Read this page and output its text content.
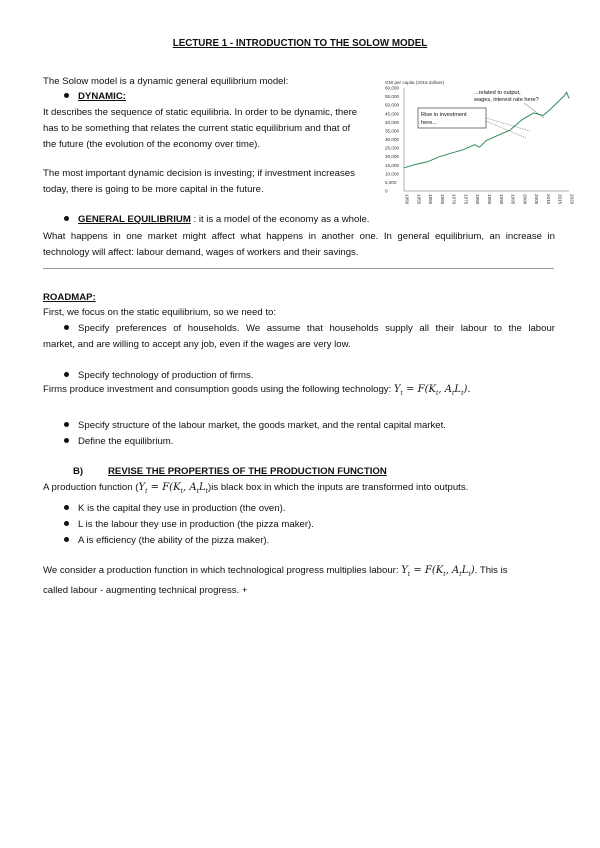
LECTURE 1 - INTRODUCTION TO THE SOLOW MODEL
The Solow model is a dynamic general equilibrium model:
DYNAMIC:
It describes the sequence of static equilibria. In order to be dynamic, there
has to be something that relates the current static equilibrium and that of
the future (the evolution of the economy over time).
The most important dynamic decision is investing; if investment increases
today, there is going to be more capital in the future.
GNI per capita (2015 dollars)
60,000
55,000
50,000
45,000
40,000
35,000
30,000
25,000
20,000
15,000
10,000
5,000
0
1950 1955 1960 1965 1970 1975 1980 1985 1990 1995 2000 2005 2010 2015 2020
Rise in investment
here...
...related to output,
wages, interest rate here?
GENERAL EQUILIBRIUM : it is a model of the economy as a whole.
What happens in one market might affect what happens in another one. In general equilibrium, an increase in
technology will affect: labour demand, wages of workers and their savings.
ROADMAP:
First, we focus on the static equilibrium, so we need to:
Specify preferences of households. We assume that households supply all their labour to the labour
market, and are willing to accept any job, even if the wages are very low.
Specify technology of production of firms.
Firms produce investment and consumption goods using the following technology: $Y_t = F(K_t$, $A_tL_t$).
Specify structure of the labour market, the goods market, and the rental capital market.
Define the equilibrium.
B)	REVISE THE PROPERTIES OF THE PRODUCTION FUNCTION
A production function ($Y_t = F(K_t$, $A_tL_t)is$ black box in which the inputs are transformed into outputs.
K is the capital they use in production (the oven).
L is the labour they use in production (the pizza maker).
A is efficiency (the ability of the pizza maker).
We consider a production function in which technological progress multiplies labour: $Y_t = F(K_t$, $A_tL_t$). This is
called labour - augmenting technical progress. +
